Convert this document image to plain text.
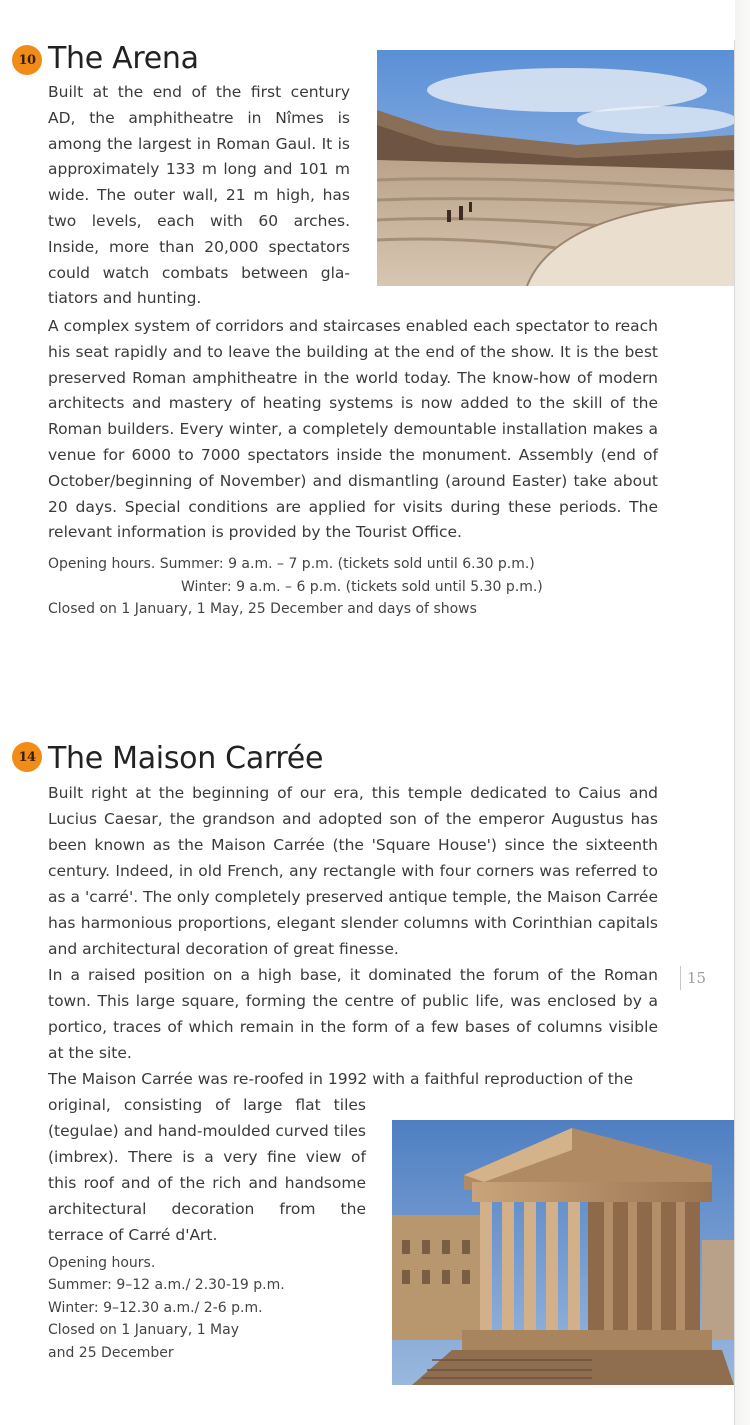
10 The Arena

Built at the end of the first century AD, the amphitheatre in Nîmes is among the largest in Roman Gaul. It is approximately 133 m long and 101 m wide. The outer wall, 21 m high, has two levels, each with 60 arches. Inside, more than 20,000 spectators could watch combats between glatiators and hunting.

A complex system of corridors and staircases enabled each spectator to reach his seat rapidly and to leave the building at the end of the show. It is the best preserved Roman amphitheatre in the world today. The know-how of modern architects and mastery of heating systems is now added to the skill of the Roman builders. Every winter, a completely demountable installation makes a venue for 6000 to 7000 spectators inside the monument. Assembly (end of October/beginning of November) and dismantling (around Easter) take about 20 days. Special conditions are applied for visits during these periods. The relevant information is provided by the Tourist Office.

Opening hours. Summer: 9 a.m. – 7 p.m. (tickets sold until 6.30 p.m.)
Winter: 9 a.m. – 6 p.m. (tickets sold until 5.30 p.m.)
Closed on 1 January, 1 May, 25 December and days of shows
14 The Maison Carrée

Built right at the beginning of our era, this temple dedicated to Caius and Lucius Caesar, the grandson and adopted son of the emperor Augustus has been known as the Maison Carrée (the 'Square House') since the sixteenth century. Indeed, in old French, any rectangle with four corners was referred to as a 'carré'. The only completely preserved antique temple, the Maison Carrée has harmonious proportions, elegant slender columns with Corinthian capitals and architectural decoration of great finesse.

In a raised position on a high base, it dominated the forum of the Roman town. This large square, forming the centre of public life, was enclosed by a portico, traces of which remain in the form of a few bases of columns visible at the site.

The Maison Carrée was re-roofed in 1992 with a faithful reproduction of the

original, consisting of large flat tiles (tegulae) and hand-moulded curved tiles (imbrex). There is a very fine view of this roof and of the rich and handsome architectural decoration from the terrace of Carré d'Art.

Opening hours.
Summer: 9–12 a.m./ 2.30-19 p.m.
Winter: 9–12.30 a.m./ 2-6 p.m.
Closed on 1 January, 1 May
and 25 December
15
